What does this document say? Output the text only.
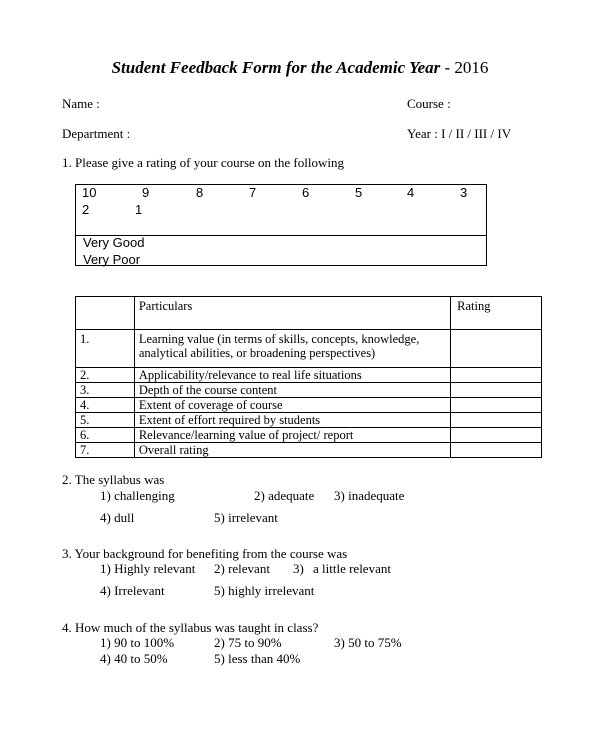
Student Feedback Form for the Academic Year - 2016
Name :	Course :
Department :	Year : I / II / III / IV
1. Please give a rating of your course on the following
10	9	8	7	6	5	4	3
2	1
Very Good
Very Poor
	Particulars	Rating
1.	Learning value (in terms of skills, concepts, knowledge,
analytical abilities, or broadening perspectives)	

2.	Applicability/relevance to real life situations	
3.	Depth of the course content	
4.	Extent of coverage of course	
5.	Extent of effort required by students	
6.	Relevance/learning value of project/ report	
7.	Overall rating	
2. The syllabus was
1) challenging	2) adequate 3) inadequate
4) dull	5) irrelevant
3. Your background for benefiting from the course was
1) Highly relevant 2) relevant 3) a little relevant
4) Irrelevant	5) highly irrelevant
4. How much of the syllabus was taught in class?
1) 90 to 100%	2) 75 to 90%	3) 50 to 75%
4) 40 to 50%	5) less than 40%
